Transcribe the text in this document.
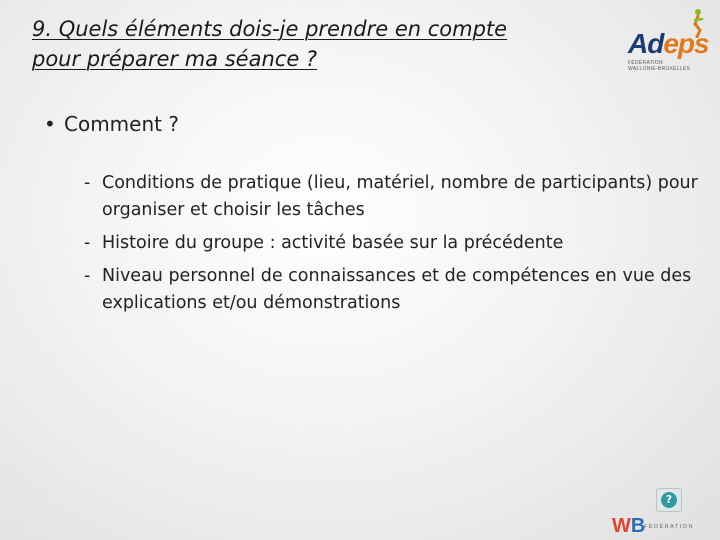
9. Quels éléments dois-je prendre en compte
pour préparer ma séance ?	Adeps
FÉDÉRATION
WALLONIE-BRUXELLES
• Comment ?
- Conditions de pratique (lieu, matériel, nombre de participants) pour organiser et choisir les tâches
- Histoire du groupe : activité basée sur la précédente
- Niveau personnel de connaissances et de compétences en vue des explications et/ou démonstrations
?
WB
FÉDÉRATION
